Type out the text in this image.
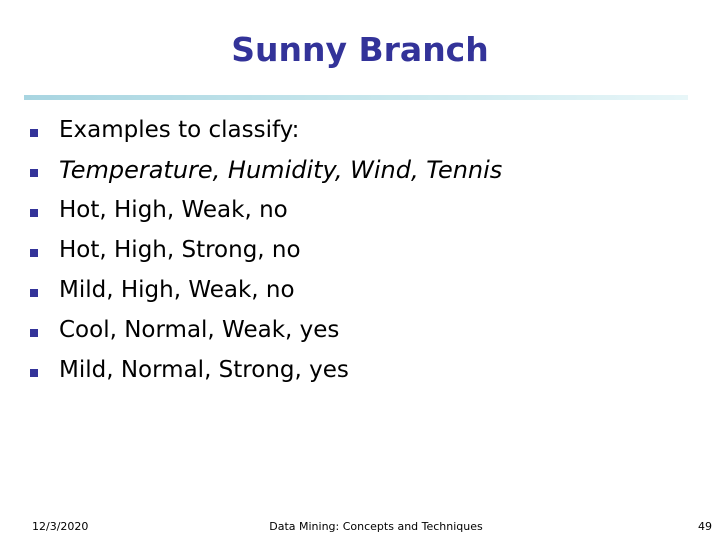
Sunny Branch
Examples to classify:
Temperature, Humidity, Wind, Tennis
Hot, High, Weak, no
Hot, High, Strong, no
Mild, High, Weak, no
Cool, Normal, Weak, yes
Mild, Normal, Strong, yes
12/3/2020	Data Mining: Concepts and Techniques	49
